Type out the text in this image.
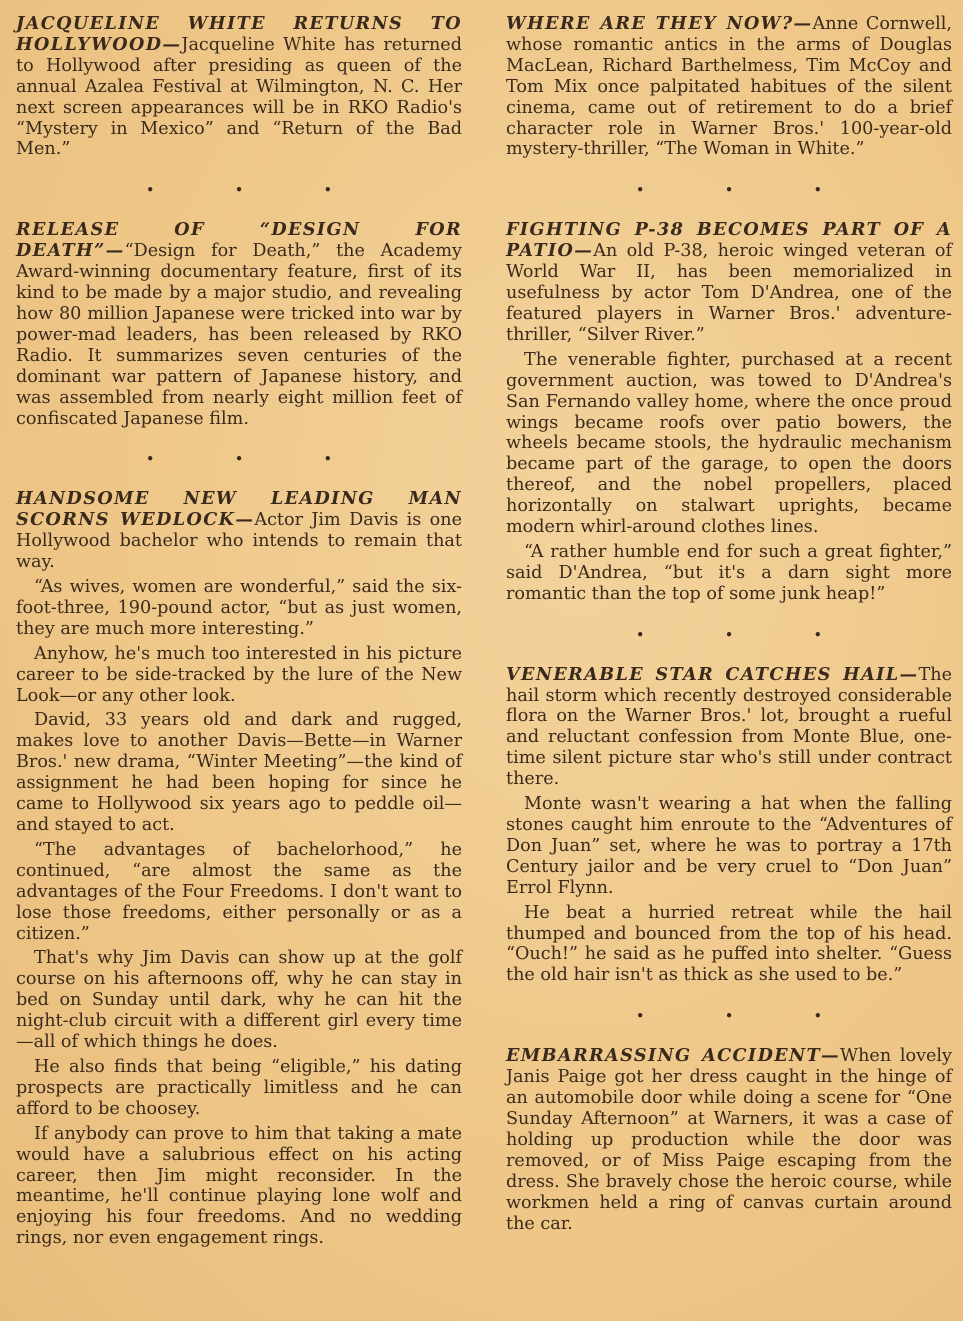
JACQUELINE WHITE RETURNS TO HOLLYWOOD—Jacqueline White has returned to Hollywood after presiding as queen of the annual Azalea Festival at Wilmington, N. C. Her next screen appearances will be in RKO Radio's “Mystery in Mexico” and “Return of the Bad Men.”

•	•	•

RELEASE OF “DESIGN FOR DEATH”—“Design for Death,” the Academy Award-winning documentary feature, first of its kind to be made by a major studio, and revealing how 80 million Japanese were tricked into war by power-mad leaders, has been released by RKO Radio. It summarizes seven centuries of the dominant war pattern of Japanese history, and was assembled from nearly eight million feet of confiscated Japanese film.

•	•	•

HANDSOME NEW LEADING MAN SCORNS WEDLOCK—Actor Jim Davis is one Hollywood bachelor who intends to remain that way.

“As wives, women are wonderful,” said the six-foot-three, 190-pound actor, “but as just women, they are much more interesting.”

Anyhow, he's much too interested in his picture career to be side-tracked by the lure of the New Look—or any other look.

David, 33 years old and dark and rugged, makes love to another Davis—Bette—in Warner Bros.' new drama, “Winter Meeting”—the kind of assignment he had been hoping for since he came to Hollywood six years ago to peddle oil—and stayed to act.

“The advantages of bachelorhood,” he continued, “are almost the same as the advantages of the Four Freedoms. I don't want to lose those freedoms, either personally or as a citizen.”

That's why Jim Davis can show up at the golf course on his afternoons off, why he can stay in bed on Sunday until dark, why he can hit the night-club circuit with a different girl every time—all of which things he does.

He also finds that being “eligible,” his dating prospects are practically limitless and he can afford to be choosey.

If anybody can prove to him that taking a mate would have a salubrious effect on his acting career, then Jim might reconsider. In the meantime, he'll continue playing lone wolf and enjoying his four freedoms. And no wedding rings, nor even engagement rings.

WHERE ARE THEY NOW?—Anne Cornwell, whose romantic antics in the arms of Douglas MacLean, Richard Barthelmess, Tim McCoy and Tom Mix once palpitated habitues of the silent cinema, came out of retirement to do a brief character role in Warner Bros.' 100-year-old mystery-thriller, “The Woman in White.”

•	•	•

FIGHTING P-38 BECOMES PART OF A PATIO—An old P-38, heroic winged veteran of World War II, has been memorialized in usefulness by actor Tom D'Andrea, one of the featured players in Warner Bros.' adventure-thriller, “Silver River.”

The venerable fighter, purchased at a recent government auction, was towed to D'Andrea's San Fernando valley home, where the once proud wings became roofs over patio bowers, the wheels became stools, the hydraulic mechanism became part of the garage, to open the doors thereof, and the nobel propellers, placed horizontally on stalwart uprights, became modern whirl-around clothes lines.

“A rather humble end for such a great fighter,” said D'Andrea, “but it's a darn sight more romantic than the top of some junk heap!”

•	•	•

VENERABLE STAR CATCHES HAIL—The hail storm which recently destroyed considerable flora on the Warner Bros.' lot, brought a rueful and reluctant confession from Monte Blue, one-time silent picture star who's still under contract there.

Monte wasn't wearing a hat when the falling stones caught him enroute to the “Adventures of Don Juan” set, where he was to portray a 17th Century jailor and be very cruel to “Don Juan” Errol Flynn.

He beat a hurried retreat while the hail thumped and bounced from the top of his head. “Ouch!” he said as he puffed into shelter. “Guess the old hair isn't as thick as she used to be.”

•	•	•

EMBARRASSING ACCIDENT—When lovely Janis Paige got her dress caught in the hinge of an automobile door while doing a scene for “One Sunday Afternoon” at Warners, it was a case of holding up production while the door was removed, or of Miss Paige escaping from the dress. She bravely chose the heroic course, while workmen held a ring of canvas curtain around the car.
